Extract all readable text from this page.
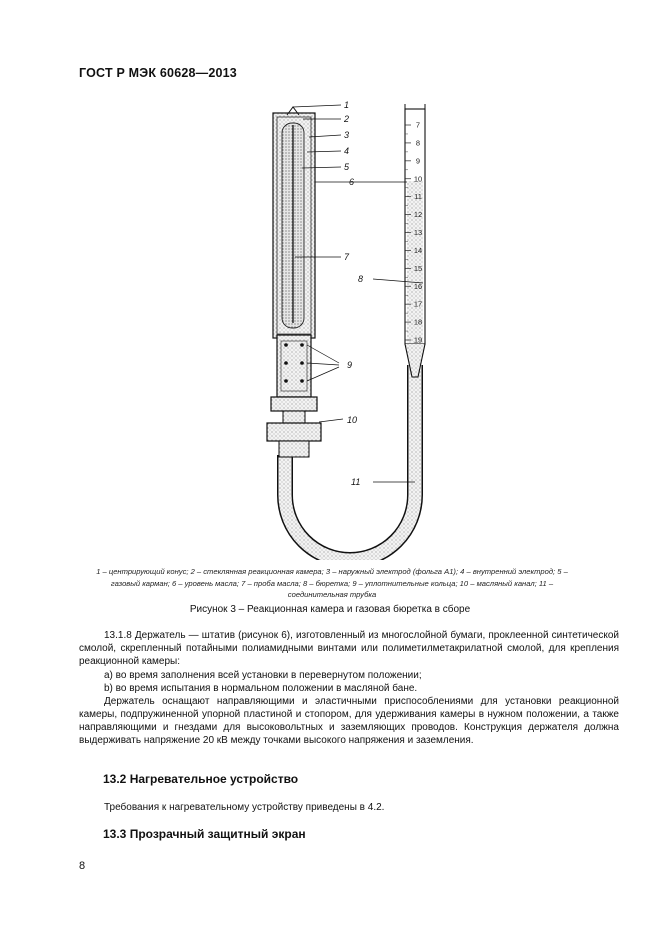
ГОСТ Р МЭК 60628—2013
7
8
9
10
11
12
13
14
15
16
17
18
19
1
2
3
4
5
6
7
8
9
10
11
1 – центрирующий конус; 2 – стеклянная реакционная камера; 3 – наружный электрод (фольга А1); 4 – внутренний электрод; 5 – газовый карман; 6 – уровень масла; 7 – проба масла; 8 – бюретка; 9 – уплотнительные кольца; 10 – масляный канал; 11 – соединительная трубка
Рисунок 3 – Реакционная камера и газовая бюретка в сборе
13.1.8 Держатель — штатив (рисунок 6), изготовленный из многослойной бумаги, проклеенной синтетической смолой, скрепленный потайными полиамидными винтами или полиметилметакрилатной смолой, для крепления реакционной камеры:
a) во время заполнения всей установки в перевернутом положении;
b) во время испытания в нормальном положении в масляной бане.
Держатель оснащают направляющими и эластичными приспособлениями для установки реакционной камеры, подпружиненной упорной пластиной и стопором, для удерживания камеры в нужном положении, а также направляющими и гнездами для высоковольтных и заземляющих проводов. Конструкция держателя должна выдерживать напряжение 20 кВ между точками высокого напряжения и заземления.
13.2 Нагревательное устройство
Требования к нагревательному устройству приведены в 4.2.
13.3 Прозрачный защитный экран
8
